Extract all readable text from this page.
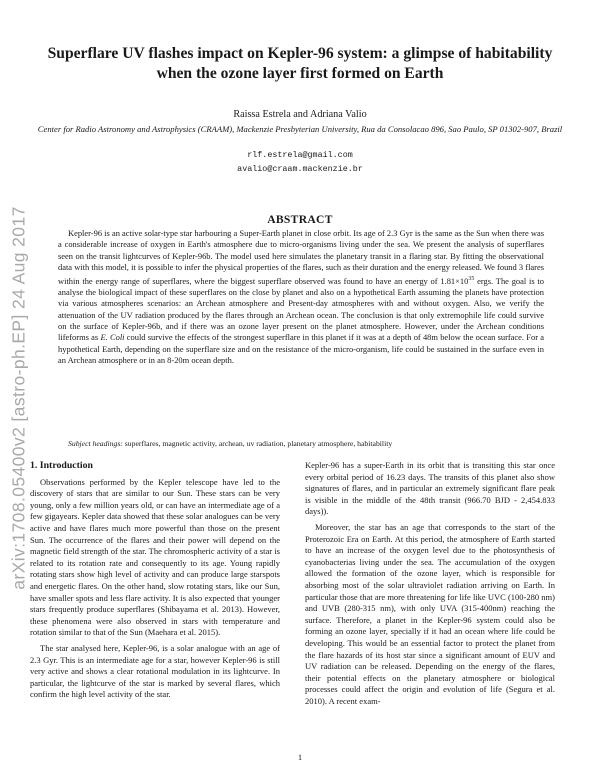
arXiv:1708.05400v2 [astro-ph.EP] 24 Aug 2017
Superflare UV flashes impact on Kepler-96 system: a glimpse of habitability when the ozone layer first formed on Earth
Raissa Estrela and Adriana Valio
Center for Radio Astronomy and Astrophysics (CRAAM), Mackenzie Presbyterian University, Rua da Consolacao 896, Sao Paulo, SP 01302-907, Brazil
rlf.estrela@gmail.com
avalio@craam.mackenzie.br
ABSTRACT

Kepler-96 is an active solar-type star harbouring a Super-Earth planet in close orbit. Its age of 2.3 Gyr is the same as the Sun when there was a considerable increase of oxygen in Earth's atmosphere due to micro-organisms living under the sea. We present the analysis of superflares seen on the transit lightcurves of Kepler-96b. The model used here simulates the planetary transit in a flaring star. By fitting the observational data with this model, it is possible to infer the physical properties of the flares, such as their duration and the energy released. We found 3 flares within the energy range of superflares, where the biggest superflare observed was found to have an energy of $1.81\times 10^{35}$ ergs. The goal is to analyse the biological impact of these superflares on the close by planet and also on a hypothetical Earth assuming the planets have protection via various atmospheres scenarios: an Archean atmosphere and Present-day atmospheres with and without oxygen. Also, we verify the attenuation of the UV radiation produced by the flares through an Archean ocean. The conclusion is that only extremophile life could survive on the surface of Kepler-96b, and if there was an ozone layer present on the planet atmosphere. However, under the Archean conditions lifeforms as E. Coli could survive the effects of the strongest superflare in this planet if it was at a depth of 48m below the ocean surface. For a hypothetical Earth, depending on the superflare size and on the resistance of the micro-organism, life could be sustained in the surface even in an Archean atmosphere or in an 8-20m ocean depth.

Subject headings: superflares, magnetic activity, archean, uv radiation, planetary atmosphere, habitability
1. Introduction

Observations performed by the Kepler telescope have led to the discovery of stars that are similar to our Sun. These stars can be very young, only a few million years old, or can have an intermediate age of a few gigayears. Kepler data showed that these solar analogues can be very active and have flares much more powerful than those on the present Sun. The occurrence of the flares and their power will depend on the magnetic field strength of the star. The chromospheric activity of a star is related to its rotation rate and consequently to its age. Young rapidly rotating stars show high level of activity and can produce large starspots and energetic flares. On the other hand, slow rotating stars, like our Sun, have smaller spots and less flare activity. It is also expected that younger stars frequently produce superflares (Shibayama et al. 2013). However, these phenomena were also observed in stars with temperature and rotation similar to that of the Sun (Maehara et al. 2015).

The star analysed here, Kepler-96, is a solar analogue with an age of 2.3 Gyr. This is an intermediate age for a star, however Kepler-96 is still very active and shows a clear rotational modulation in its lightcurve. In particular, the lightcurve of the star is marked by several flares, which confirm the high level activity of the star.

Kepler-96 has a super-Earth in its orbit that is transiting this star once every orbital period of 16.23 days. The transits of this planet also show signatures of flares, and in particular an extremely significant flare peak is visible in the middle of the 48th transit (966.70 BJD - 2,454.833 days)).

Moreover, the star has an age that corresponds to the start of the Proterozoic Era on Earth. At this period, the atmosphere of Earth started to have an increase of the oxygen level due to the photosynthesis of cyanobacterias living under the sea. The accumulation of the oxygen allowed the formation of the ozone layer, which is responsible for absorbing most of the solar ultraviolet radiation arriving on Earth. In particular those that are more threatening for life like UVC (100-280 nm) and UVB (280-315 nm), with only UVA (315-400nm) reaching the surface. Therefore, a planet in the Kepler-96 system could also be forming an ozone layer, specially if it had an ocean where life could be developing. This would be an essential factor to protect the planet from the flare hazards of its host star since a significant amount of EUV and UV radiation can be released. Depending on the energy of the flares, their potential effects on the planetary atmosphere or biological processes could affect the origin and evolution of life (Segura et al. 2010). A recent exam-

1
